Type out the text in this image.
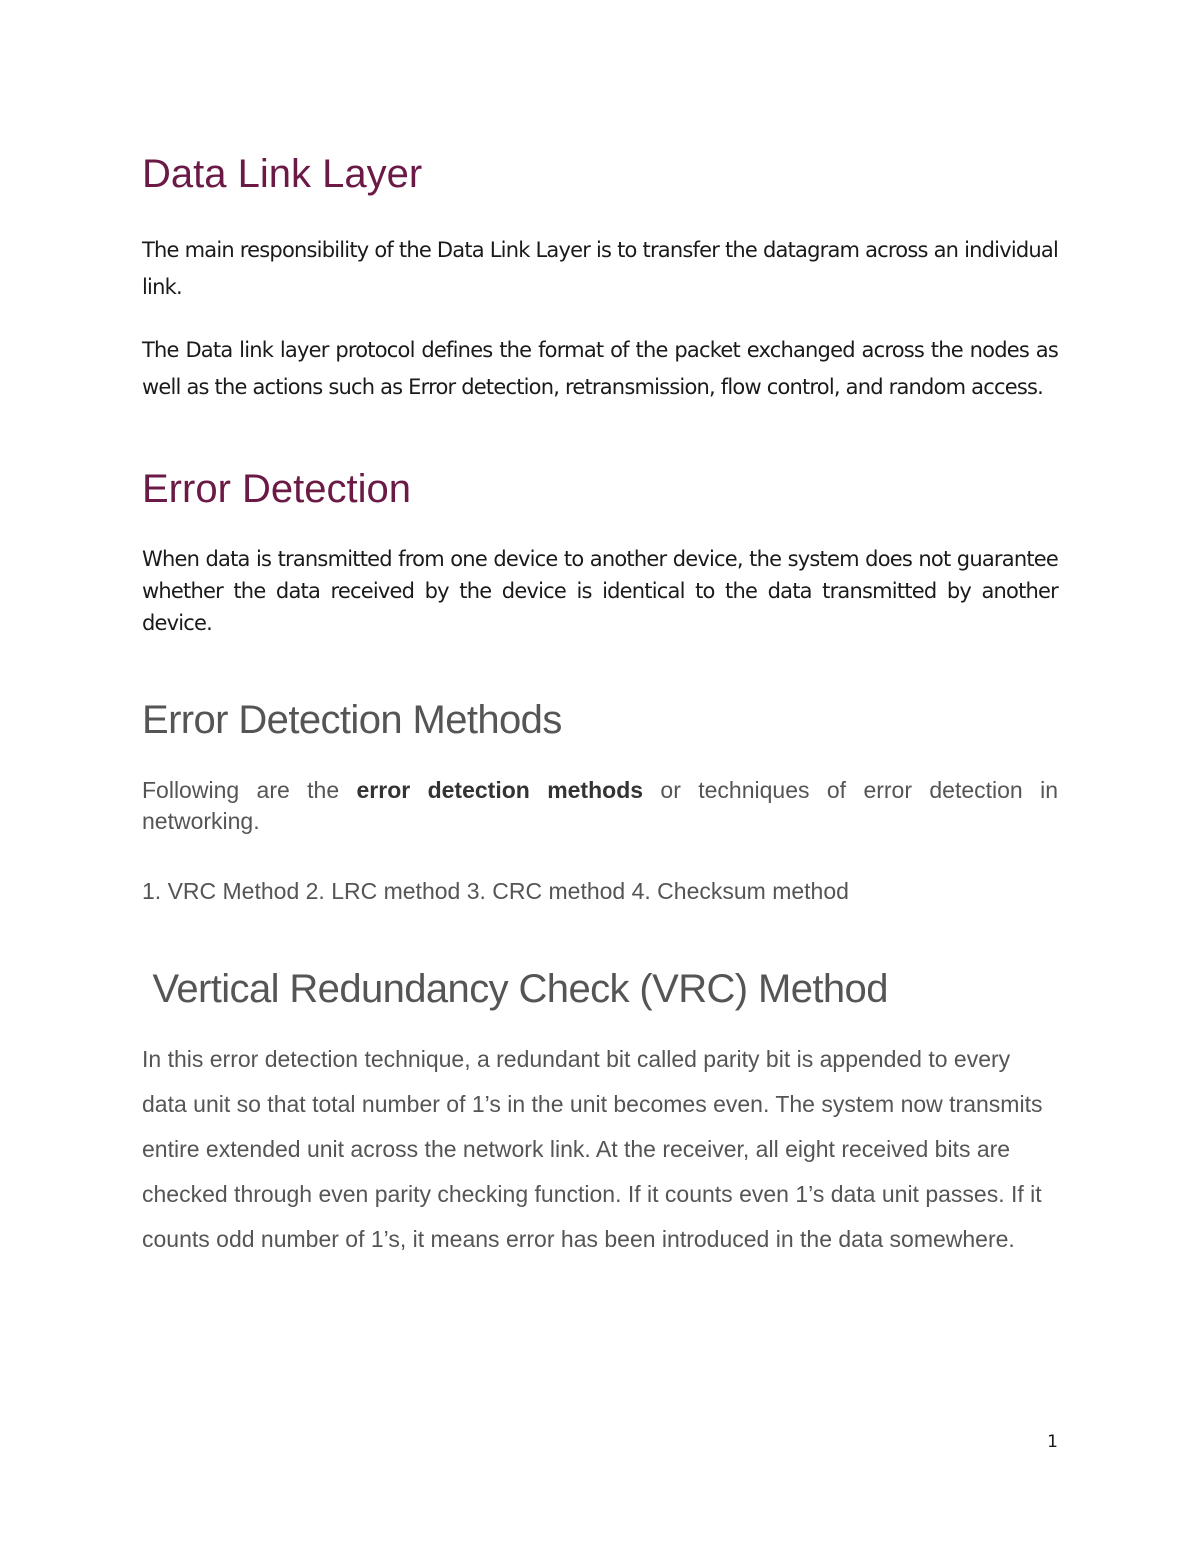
Data Link Layer

The main responsibility of the Data Link Layer is to transfer the datagram across an individual link.

The Data link layer protocol defines the format of the packet exchanged across the nodes as well as the actions such as Error detection, retransmission, flow control, and random access.

Error Detection

When data is transmitted from one device to another device, the system does not guarantee whether the data received by the device is identical to the data transmitted by another device.

Error Detection Methods

Following are the error detection methods or techniques of error detection in networking.

1. VRC Method 2. LRC method 3. CRC method 4. Checksum method

Vertical Redundancy Check (VRC) Method

In this error detection technique, a redundant bit called parity bit is appended to every data unit so that total number of 1’s in the unit becomes even. The system now transmits entire extended unit across the network link. At the receiver, all eight received bits are checked through even parity checking function. If it counts even 1’s data unit passes. If it counts odd number of 1’s, it means error has been introduced in the data somewhere.

1
